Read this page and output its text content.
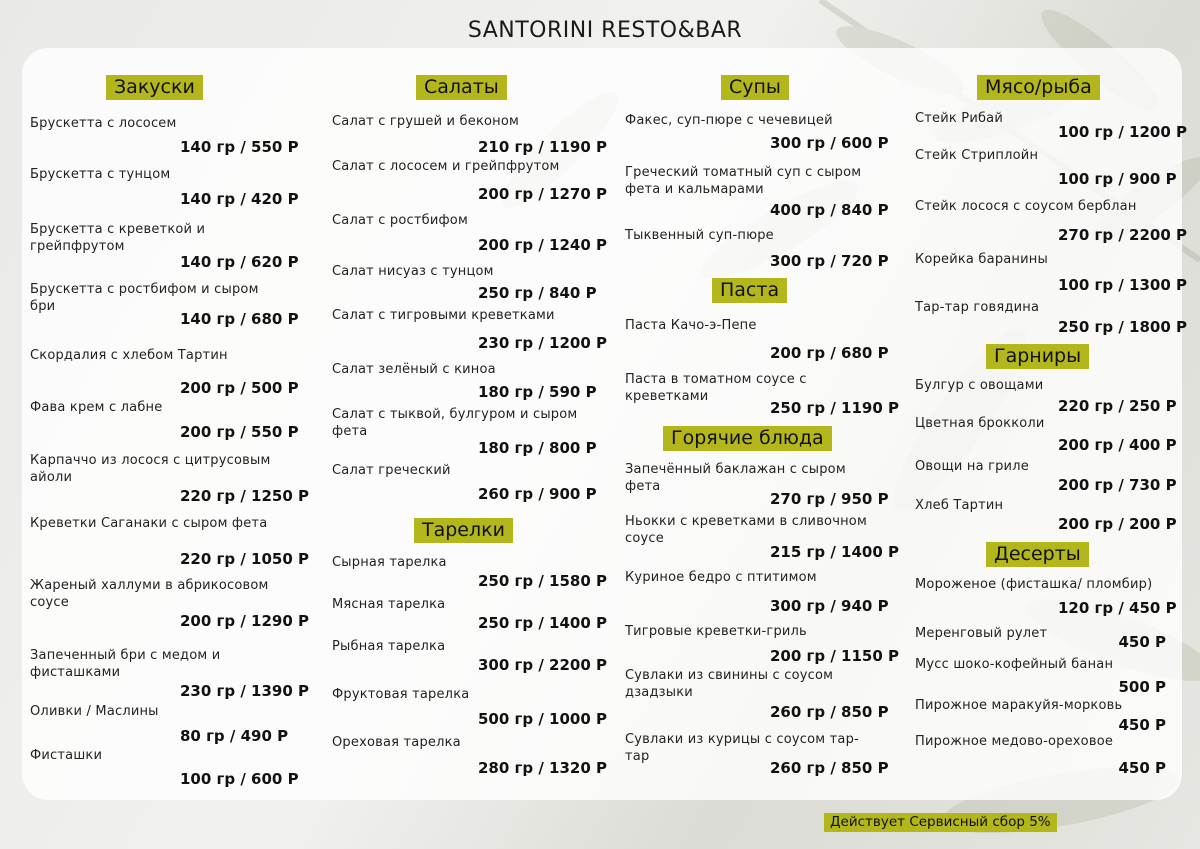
SANTORINI RESTO&BAR
Закуски
Брускетта с лососем
140 гр / 550 Р
Брускетта с тунцом
140 гр / 420 Р
Брускетта с креветкой и грейпфрутом
140 гр / 620 Р
Брускетта с ростбифом и сыром бри
140 гр / 680 Р
Скордалия с хлебом Тартин
200 гр / 500 Р
Фава крем с лабне
200 гр / 550 Р
Карпаччо из лосося с цитрусовым айоли
220 гр / 1250 Р
Креветки Саганаки с сыром фета
220 гр / 1050 Р
Жареный халлуми в абрикосовом соусе
200 гр / 1290 Р
Запеченный бри с медом и фисташками
230 гр / 1390 Р
Оливки / Маслины
80 гр / 490 Р
Фисташки
100 гр / 600 Р
Салаты
Салат с грушей и беконом
210 гр / 1190 Р
Салат с лососем и грейпфрутом
200 гр / 1270 Р
Салат с ростбифом
200 гр / 1240 Р
Салат нисуаз с тунцом
250 гр / 840 Р
Салат с тигровыми креветками
230 гр / 1200 Р
Салат зелёный с киноа
180 гр / 590 Р
Салат с тыквой, булгуром и сыром фета
180 гр / 800 Р
Салат греческий
260 гр / 900 Р
Тарелки
Сырная тарелка
250 гр / 1580 Р
Мясная тарелка
250 гр / 1400 Р
Рыбная тарелка
300 гр / 2200 Р
Фруктовая тарелка
500 гр / 1000 Р
Ореховая тарелка
280 гр / 1320 Р
Супы
Факес, суп-пюре с чечевицей
300 гр / 600 Р
Греческий томатный суп с сыром фета и кальмарами
400 гр / 840 Р
Тыквенный суп-пюре
300 гр / 720 Р
Паста
Паста Качо-э-Пепе
200 гр / 680 Р
Паста в томатном соусе с креветками
250 гр / 1190 Р
Горячие блюда
Запечённый баклажан с сыром фета
270 гр / 950 Р
Ньокки с креветками в сливочном соусе
215 гр / 1400 Р
Куриное бедро с птитимом
300 гр / 940 Р
Тигровые креветки-гриль
200 гр / 1150 Р
Сувлаки из свинины с соусом дзадзыки
260 гр / 850 Р
Сувлаки из курицы с соусом тар-тар
260 гр / 850 Р
Мясо/рыба
Стейк Рибай
100 гр / 1200 Р
Стейк Стриплойн
100 гр / 900 Р
Стейк лосося с соусом берблан
270 гр / 2200 Р
Корейка баранины
100 гр / 1300 Р
Тар-тар говядина
250 гр / 1800 Р
Гарниры
Булгур с овощами
220 гр / 250 Р
Цветная брокколи
200 гр / 400 Р
Овощи на гриле
200 гр / 730 Р
Хлеб Тартин
200 гр / 200 Р
Десерты
Мороженое (фисташка/ пломбир)
120 гр / 450 Р
Меренговый рулет	450 Р
Мусс шоко-кофейный банан
500 Р
Пирожное маракуйя-морковь
450 Р
Пирожное медово-ореховое
450 Р
Действует Сервисный сбор 5%
